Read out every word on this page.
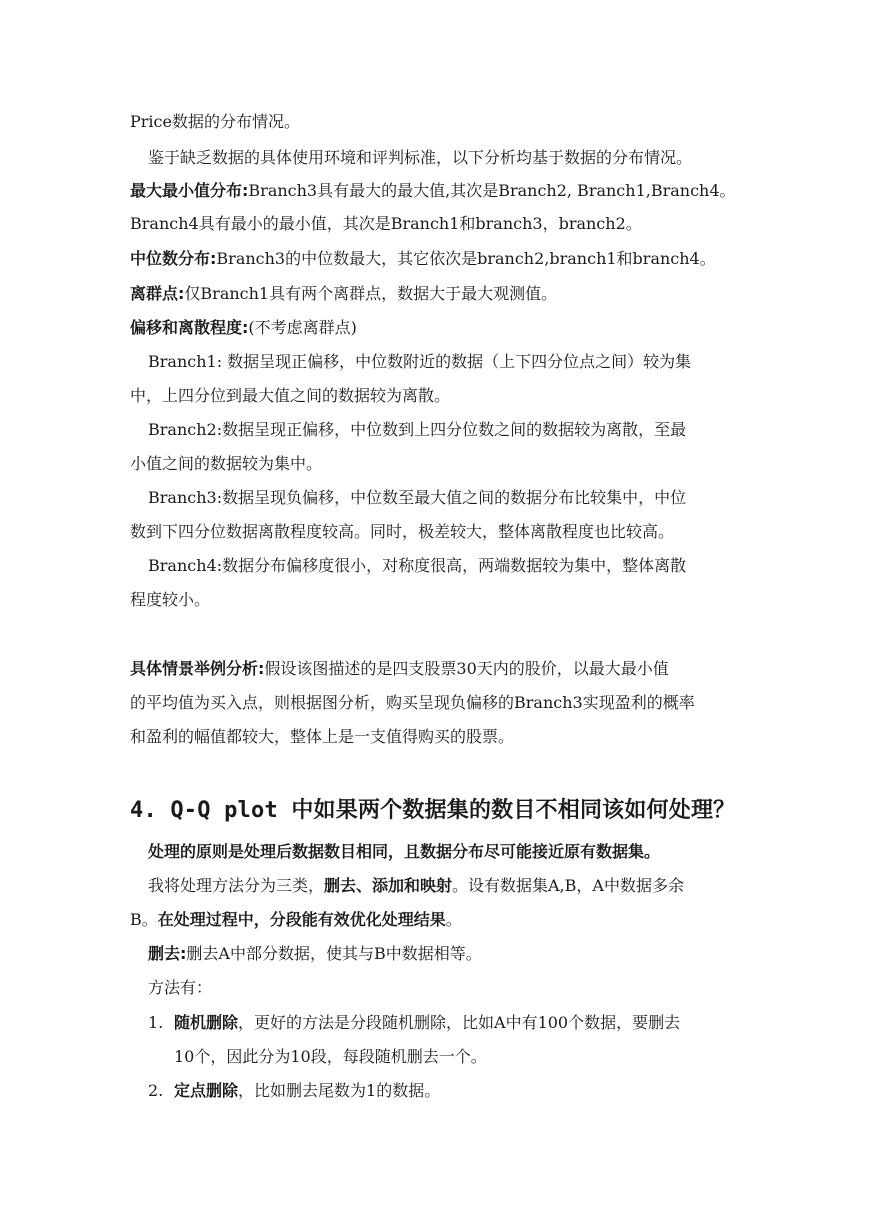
Price数据的分布情况。
鉴于缺乏数据的具体使用环境和评判标准，以下分析均基于数据的分布情况。
最大最小值分布:Branch3具有最大的最大值,其次是Branch2, Branch1,Branch4。
Branch4具有最小的最小值，其次是Branch1和branch3，branch2。
中位数分布:Branch3的中位数最大，其它依次是branch2,branch1和branch4。
离群点:仅Branch1具有两个离群点，数据大于最大观测值。
偏移和离散程度:(不考虑离群点)
Branch1: 数据呈现正偏移，中位数附近的数据（上下四分位点之间）较为集
中，上四分位到最大值之间的数据较为离散。
Branch2:数据呈现正偏移，中位数到上四分位数之间的数据较为离散，至最
小值之间的数据较为集中。
Branch3:数据呈现负偏移，中位数至最大值之间的数据分布比较集中，中位
数到下四分位数据离散程度较高。同时，极差较大，整体离散程度也比较高。
Branch4:数据分布偏移度很小，对称度很高，两端数据较为集中，整体离散
程度较小。
具体情景举例分析:假设该图描述的是四支股票30天内的股价，以最大最小值
的平均值为买入点，则根据图分析，购买呈现负偏移的Branch3实现盈利的概率
和盈利的幅值都较大，整体上是一支值得购买的股票。
4. Q-Q plot 中如果两个数据集的数目不相同该如何处理？
处理的原则是处理后数据数目相同，且数据分布尽可能接近原有数据集。
我将处理方法分为三类，删去、添加和映射。设有数据集A,B，A中数据多余
B。在处理过程中，分段能有效优化处理结果。
删去:删去A中部分数据，使其与B中数据相等。
方法有：
1. 随机删除，更好的方法是分段随机删除，比如A中有100个数据，要删去
10个，因此分为10段，每段随机删去一个。
2. 定点删除，比如删去尾数为1的数据。
